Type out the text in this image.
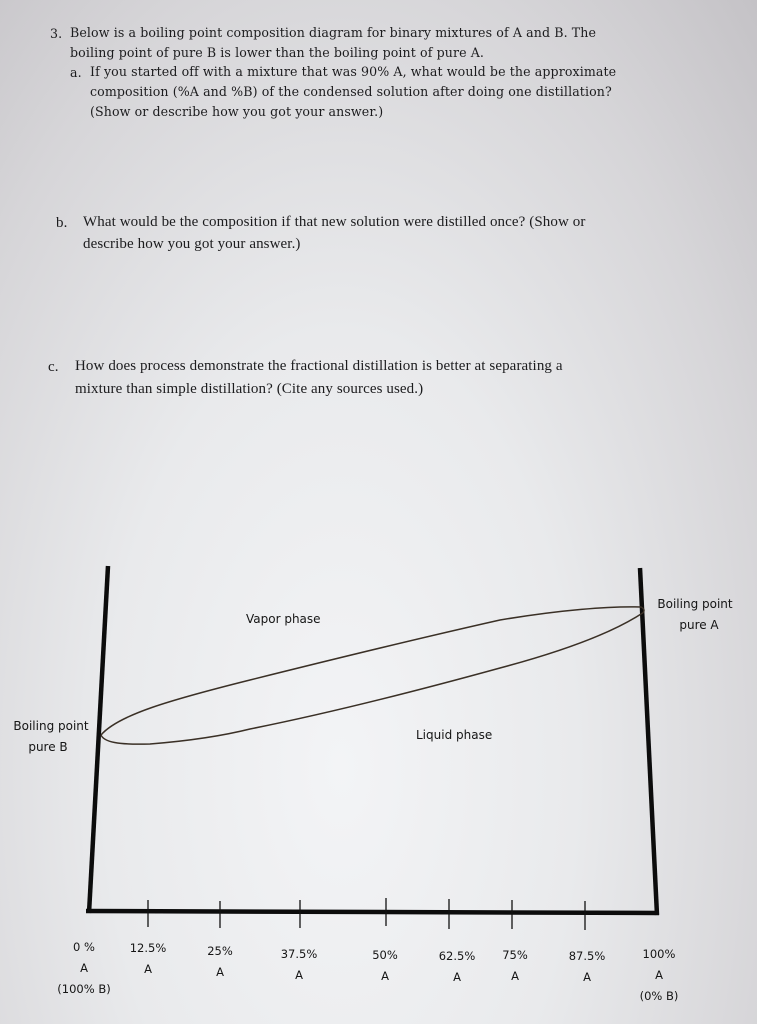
3. Below is a boiling point composition diagram for binary mixtures of A and B. The
boiling point of pure B is lower than the boiling point of pure A.
a. If you started off with a mixture that was 90% A, what would be the approximate
composition (%A and %B) of the condensed solution after doing one distillation?
(Show or describe how you got your answer.)
b. What would be the composition if that new solution were distilled once? (Show or
describe how you got your answer.)
c. How does process demonstrate the fractional distillation is better at separating a
mixture than simple distillation? (Cite any sources used.)
Vapor phase
Liquid phase
Boiling point
pure B
Boiling point
pure A
0 %
A
(100% B)
12.5%
A
25%
A
37.5%
A
50%
A
62.5%
A
75%
A
87.5%
A
100%
A
(0% B)
